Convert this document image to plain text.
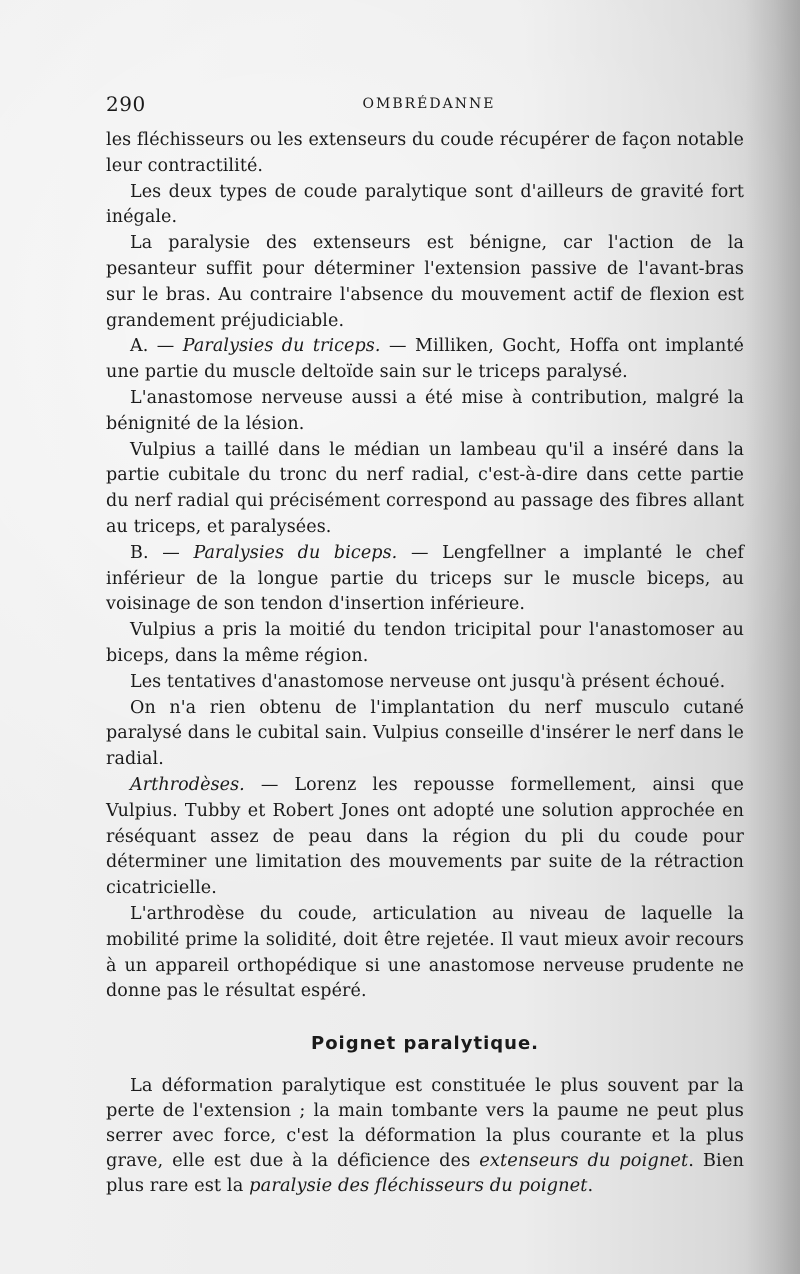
290	OMBRÉDANNE

les fléchisseurs ou les extenseurs du coude récupérer de façon notable leur contractilité.

Les deux types de coude paralytique sont d'ailleurs de gravité fort inégale.

La paralysie des extenseurs est bénigne, car l'action de la pesanteur suffit pour déterminer l'extension passive de l'avant-bras sur le bras. Au contraire l'absence du mouvement actif de flexion est grandement préjudiciable.

A. — Paralysies du triceps. — Milliken, Gocht, Hoffa ont implanté une partie du muscle deltoïde sain sur le triceps paralysé.

L'anastomose nerveuse aussi a été mise à contribution, malgré la bénignité de la lésion.

Vulpius a taillé dans le médian un lambeau qu'il a inséré dans la partie cubitale du tronc du nerf radial, c'est-à-dire dans cette partie du nerf radial qui précisément correspond au passage des fibres allant au triceps, et paralysées.

B. — Paralysies du biceps. — Lengfellner a implanté le chef inférieur de la longue partie du triceps sur le muscle biceps, au voisinage de son tendon d'insertion inférieure.

Vulpius a pris la moitié du tendon tricipital pour l'anastomoser au biceps, dans la même région.

Les tentatives d'anastomose nerveuse ont jusqu'à présent échoué.

On n'a rien obtenu de l'implantation du nerf musculo cutané paralysé dans le cubital sain. Vulpius conseille d'insérer le nerf dans le radial.

Arthrodèses. — Lorenz les repousse formellement, ainsi que Vulpius. Tubby et Robert Jones ont adopté une solution approchée en réséquant assez de peau dans la région du pli du coude pour déterminer une limitation des mouvements par suite de la rétraction cicatricielle.

L'arthrodèse du coude, articulation au niveau de laquelle la mobilité prime la solidité, doit être rejetée. Il vaut mieux avoir recours à un appareil orthopédique si une anastomose nerveuse prudente ne donne pas le résultat espéré.

Poignet paralytique.

La déformation paralytique est constituée le plus souvent par la perte de l'extension ; la main tombante vers la paume ne peut plus serrer avec force, c'est la déformation la plus courante et la plus grave, elle est due à la déficience des extenseurs du poignet. Bien plus rare est la paralysie des fléchisseurs du poignet.
